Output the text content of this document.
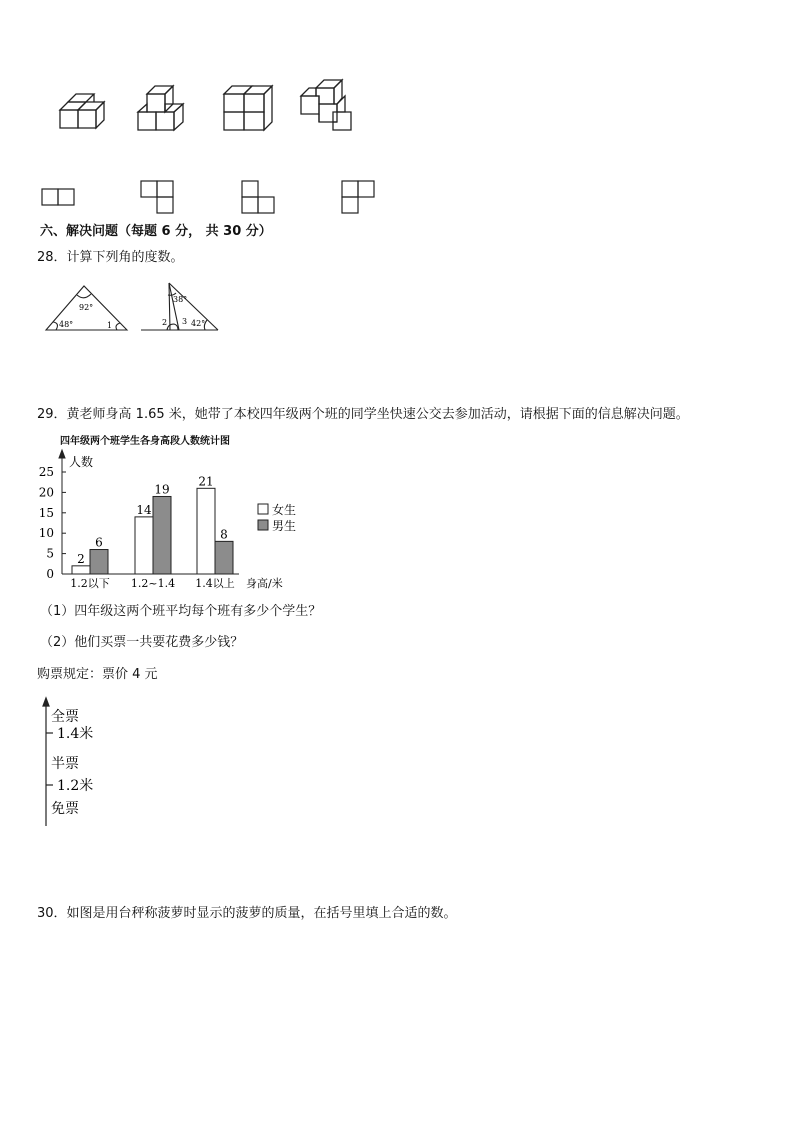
六、解决问题（每题 6 分， 共 30 分）
28．计算下列角的度数。
92°
48°	1
38°
2 3 42°
29．黄老师身高 1.65 米，她带了本校四年级两个班的同学坐快速公交去参加活动，请根据下面的信息解决问题。
四年级两个班学生各身高段人数统计图
0
5
10
15
20
25
2
6
14
19
21
8
1.2以下 1.2~1.4 1.4以上
人数
身高/米
女生
男生
（1）四年级这两个班平均每个班有多少个学生？
（2）他们买票一共要花费多少钱？
购票规定：票价 4 元
全票
1.4米
半票
1.2米
免票
30．如图是用台秤称菠萝时显示的菠萝的质量，在括号里填上合适的数。
